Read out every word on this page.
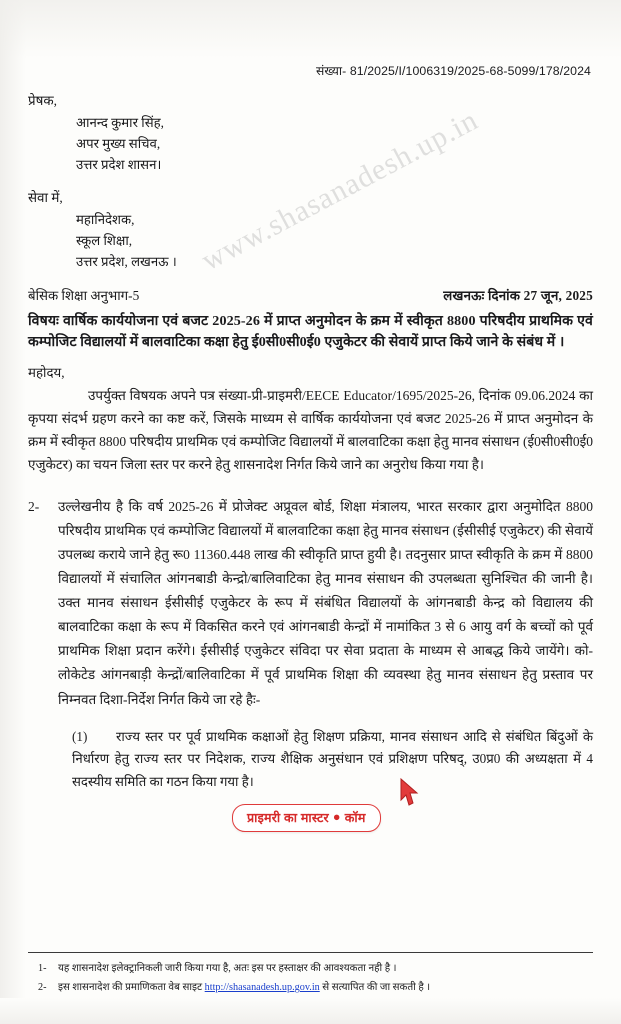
संख्या- 81/2025/I/1006319/2025-68-5099/178/2024
प्रेषक,
आनन्द कुमार सिंह,
अपर मुख्य सचिव,
उत्तर प्रदेश शासन।
सेवा में,
महानिदेशक,
स्कूल शिक्षा,
उत्तर प्रदेश, लखनऊ ।
बेसिक शिक्षा अनुभाग-5	लखनऊः दिनांक 27 जून, 2025
विषयः वार्षिक कार्ययोजना एवं बजट 2025-26 में प्राप्त अनुमोदन के क्रम में स्वीकृत 8800 परिषदीय प्राथमिक एवं कम्पोजिट विद्यालयों में बालवाटिका कक्षा हेतु ई0सी0सी0ई0 एजुकेटर की सेवायें प्राप्त किये जाने के संबंध में ।
महोदय,
उपर्युक्त विषयक अपने पत्र संख्या-प्री-प्राइमरी/EECE Educator/1695/2025-26, दिनांक 09.06.2024 का कृपया संदर्भ ग्रहण करने का कष्ट करें, जिसके माध्यम से वार्षिक कार्ययोजना एवं बजट 2025-26 में प्राप्त अनुमोदन के क्रम में स्वीकृत 8800 परिषदीय प्राथमिक एवं कम्पोजिट विद्यालयों में बालवाटिका कक्षा हेतु मानव संसाधन (ई0सी0सी0ई0 एजुकेटर) का चयन जिला स्तर पर करने हेतु शासनादेश निर्गत किये जाने का अनुरोध किया गया है।
2- उल्लेखनीय है कि वर्ष 2025-26 में प्रोजेक्ट अप्रूवल बोर्ड, शिक्षा मंत्रालय, भारत सरकार द्वारा अनुमोदित 8800 परिषदीय प्राथमिक एवं कम्पोजिट विद्यालयों में बालवाटिका कक्षा हेतु मानव संसाधन (ईसीसीई एजुकेटर) की सेवायें उपलब्ध कराये जाने हेतु रू0 11360.448 लाख की स्वीकृति प्राप्त हुयी है। तदनुसार प्राप्त स्वीकृति के क्रम में 8800 विद्यालयों में संचालित आंगनबाडी केन्द्रो/बालिवाटिका हेतु मानव संसाधन की उपलब्धता सुनिश्चित की जानी है। उक्त मानव संसाधन ईसीसीई एजुकेटर के रूप में संबंधित विद्यालयों के आंगनबाडी केन्द्र को विद्यालय की बालवाटिका कक्षा के रूप में विकसित करने एवं आंगनबाडी केन्द्रों में नामांकित 3 से 6 आयु वर्ग के बच्चों को पूर्व प्राथमिक शिक्षा प्रदान करेंगे। ईसीसीई एजुकेटर संविदा पर सेवा प्रदाता के माध्यम से आबद्ध किये जायेंगे। को-लोकेटेड आंगनबाड़ी केन्द्रों/बालिवाटिका में पूर्व प्राथमिक शिक्षा की व्यवस्था हेतु मानव संसाधन हेतु प्रस्ताव पर निम्नवत दिशा-निर्देश निर्गत किये जा रहे हैः-
(1)	राज्य स्तर पर पूर्व प्राथमिक कक्षाओं हेतु शिक्षण प्रक्रिया, मानव संसाधन आदि से संबंधित बिंदुओं के निर्धारण हेतु राज्य स्तर पर निदेशक, राज्य शैक्षिक अनुसंधान एवं प्रशिक्षण परिषद्, उ0प्र0 की अध्यक्षता में 4 सदस्यीय समिति का गठन किया गया है।
www.shasanadesh.up.in
प्राइमरी का मास्टर ● कॉम
1- यह शासनादेश इलेक्ट्रानिकली जारी किया गया है, अतः इस पर हस्ताक्षर की आवश्यकता नही है ।
2- इस शासनादेश की प्रमाणिकता वेब साइट http://shasanadesh.up.gov.in से सत्यापित की जा सकती है ।
